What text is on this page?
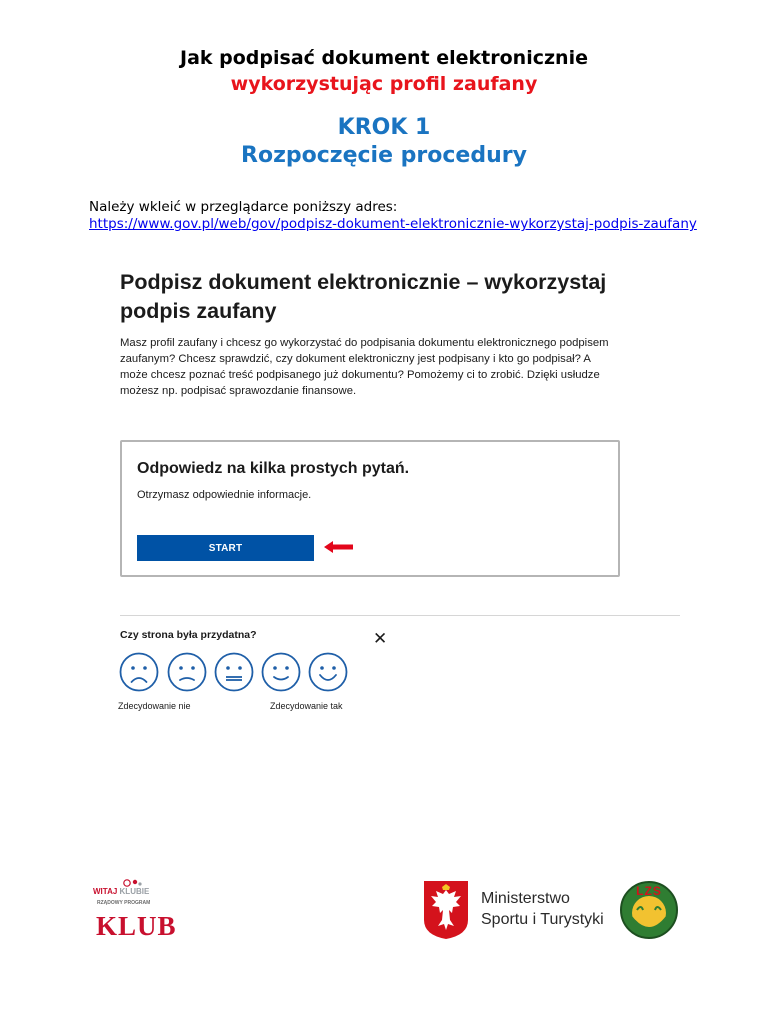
Jak podpisać dokument elektronicznie
wykorzystując profil zaufany
KROK 1
Rozpoczęcie procedury
Należy wkleić w przeglądarce poniższy adres:
https://www.gov.pl/web/gov/podpisz-dokument-elektronicznie-wykorzystaj-podpis-zaufany
Podpisz dokument elektronicznie – wykorzystaj podpis zaufany
Masz profil zaufany i chcesz go wykorzystać do podpisania dokumentu elektronicznego podpisem zaufanym? Chcesz sprawdzić, czy dokument elektroniczny jest podpisany i kto go podpisał? A może chcesz poznać treść podpisanego już dokumentu? Pomożemy ci to zrobić. Dzięki usłudze możesz np. podpisać sprawozdanie finansowe.
Odpowiedz na kilka prostych pytań.
Otrzymasz odpowiednie informacje.
START
Czy strona była przydatna?	✕
Zdecydowanie nie	Zdecydowanie tak
WITAJ KLUBIE
RZĄDOWY PROGRAM
KLUB
Ministerstwo
Sportu i Turystyki
LZS
